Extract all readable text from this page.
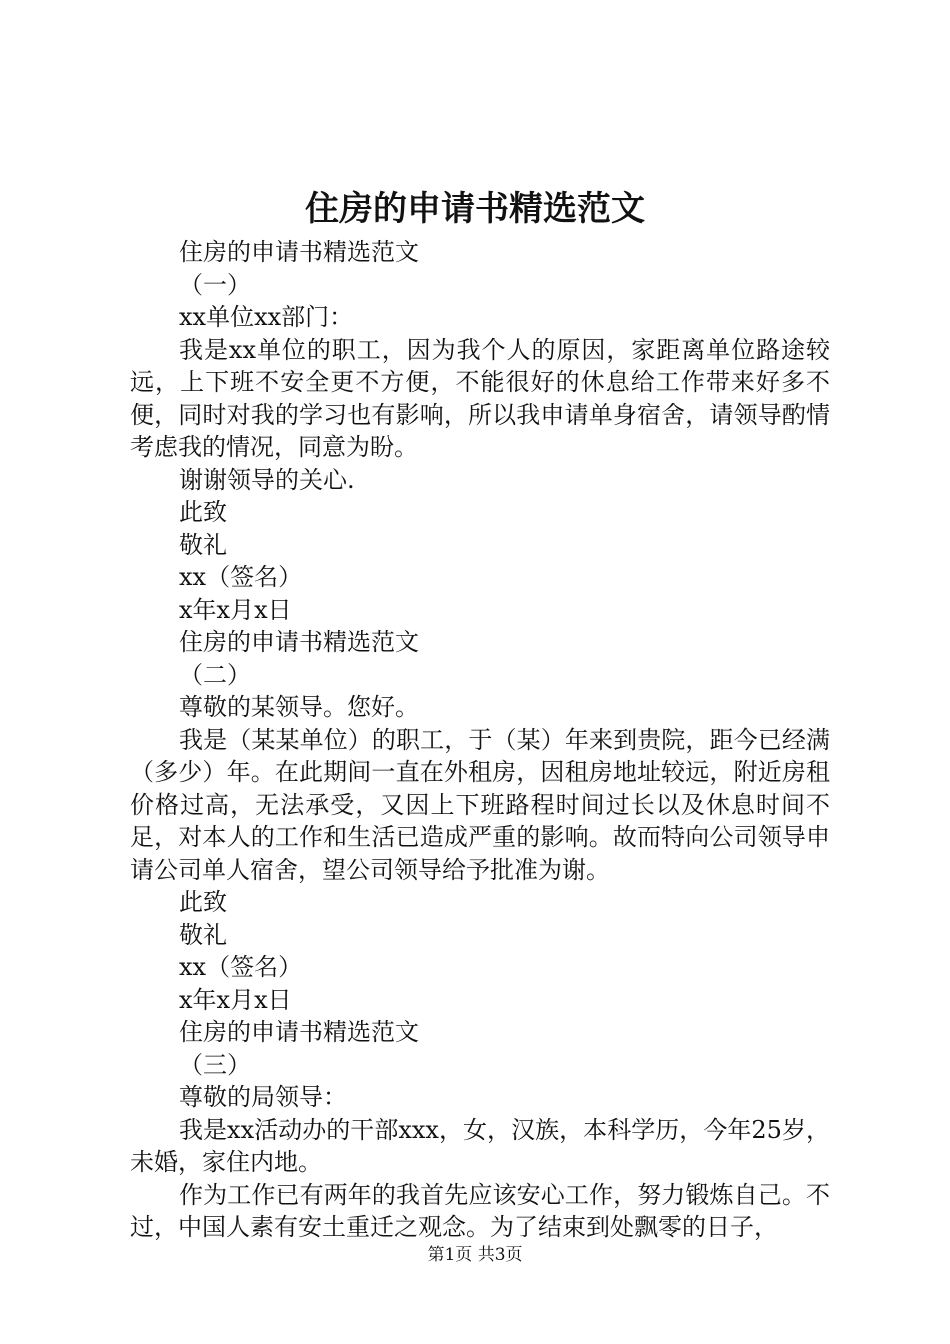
住房的申请书精选范文

住房的申请书精选范文

（一）

xx单位xx部门：

我是xx单位的职工，因为我个人的原因，家距离单位路途较远，上下班不安全更不方便，不能很好的休息给工作带来好多不便，同时对我的学习也有影响，所以我申请单身宿舍，请领导酌情考虑我的情况，同意为盼。

谢谢领导的关心.

此致

敬礼

xx（签名）

x年x月x日

住房的申请书精选范文

（二）

尊敬的某领导。您好。

我是（某某单位）的职工，于（某）年来到贵院，距今已经满（多少）年。在此期间一直在外租房，因租房地址较远，附近房租价格过高，无法承受，又因上下班路程时间过长以及休息时间不足，对本人的工作和生活已造成严重的影响。故而特向公司领导申请公司单人宿舍，望公司领导给予批准为谢。

此致

敬礼

xx（签名）

x年x月x日

住房的申请书精选范文

（三）

尊敬的局领导：

我是xx活动办的干部xxx，女，汉族，本科学历，今年25岁，未婚，家住内地。

作为工作已有两年的我首先应该安心工作，努力锻炼自己。不过，中国人素有安土重迁之观念。为了结束到处飘零的日子，

第1页 共3页
